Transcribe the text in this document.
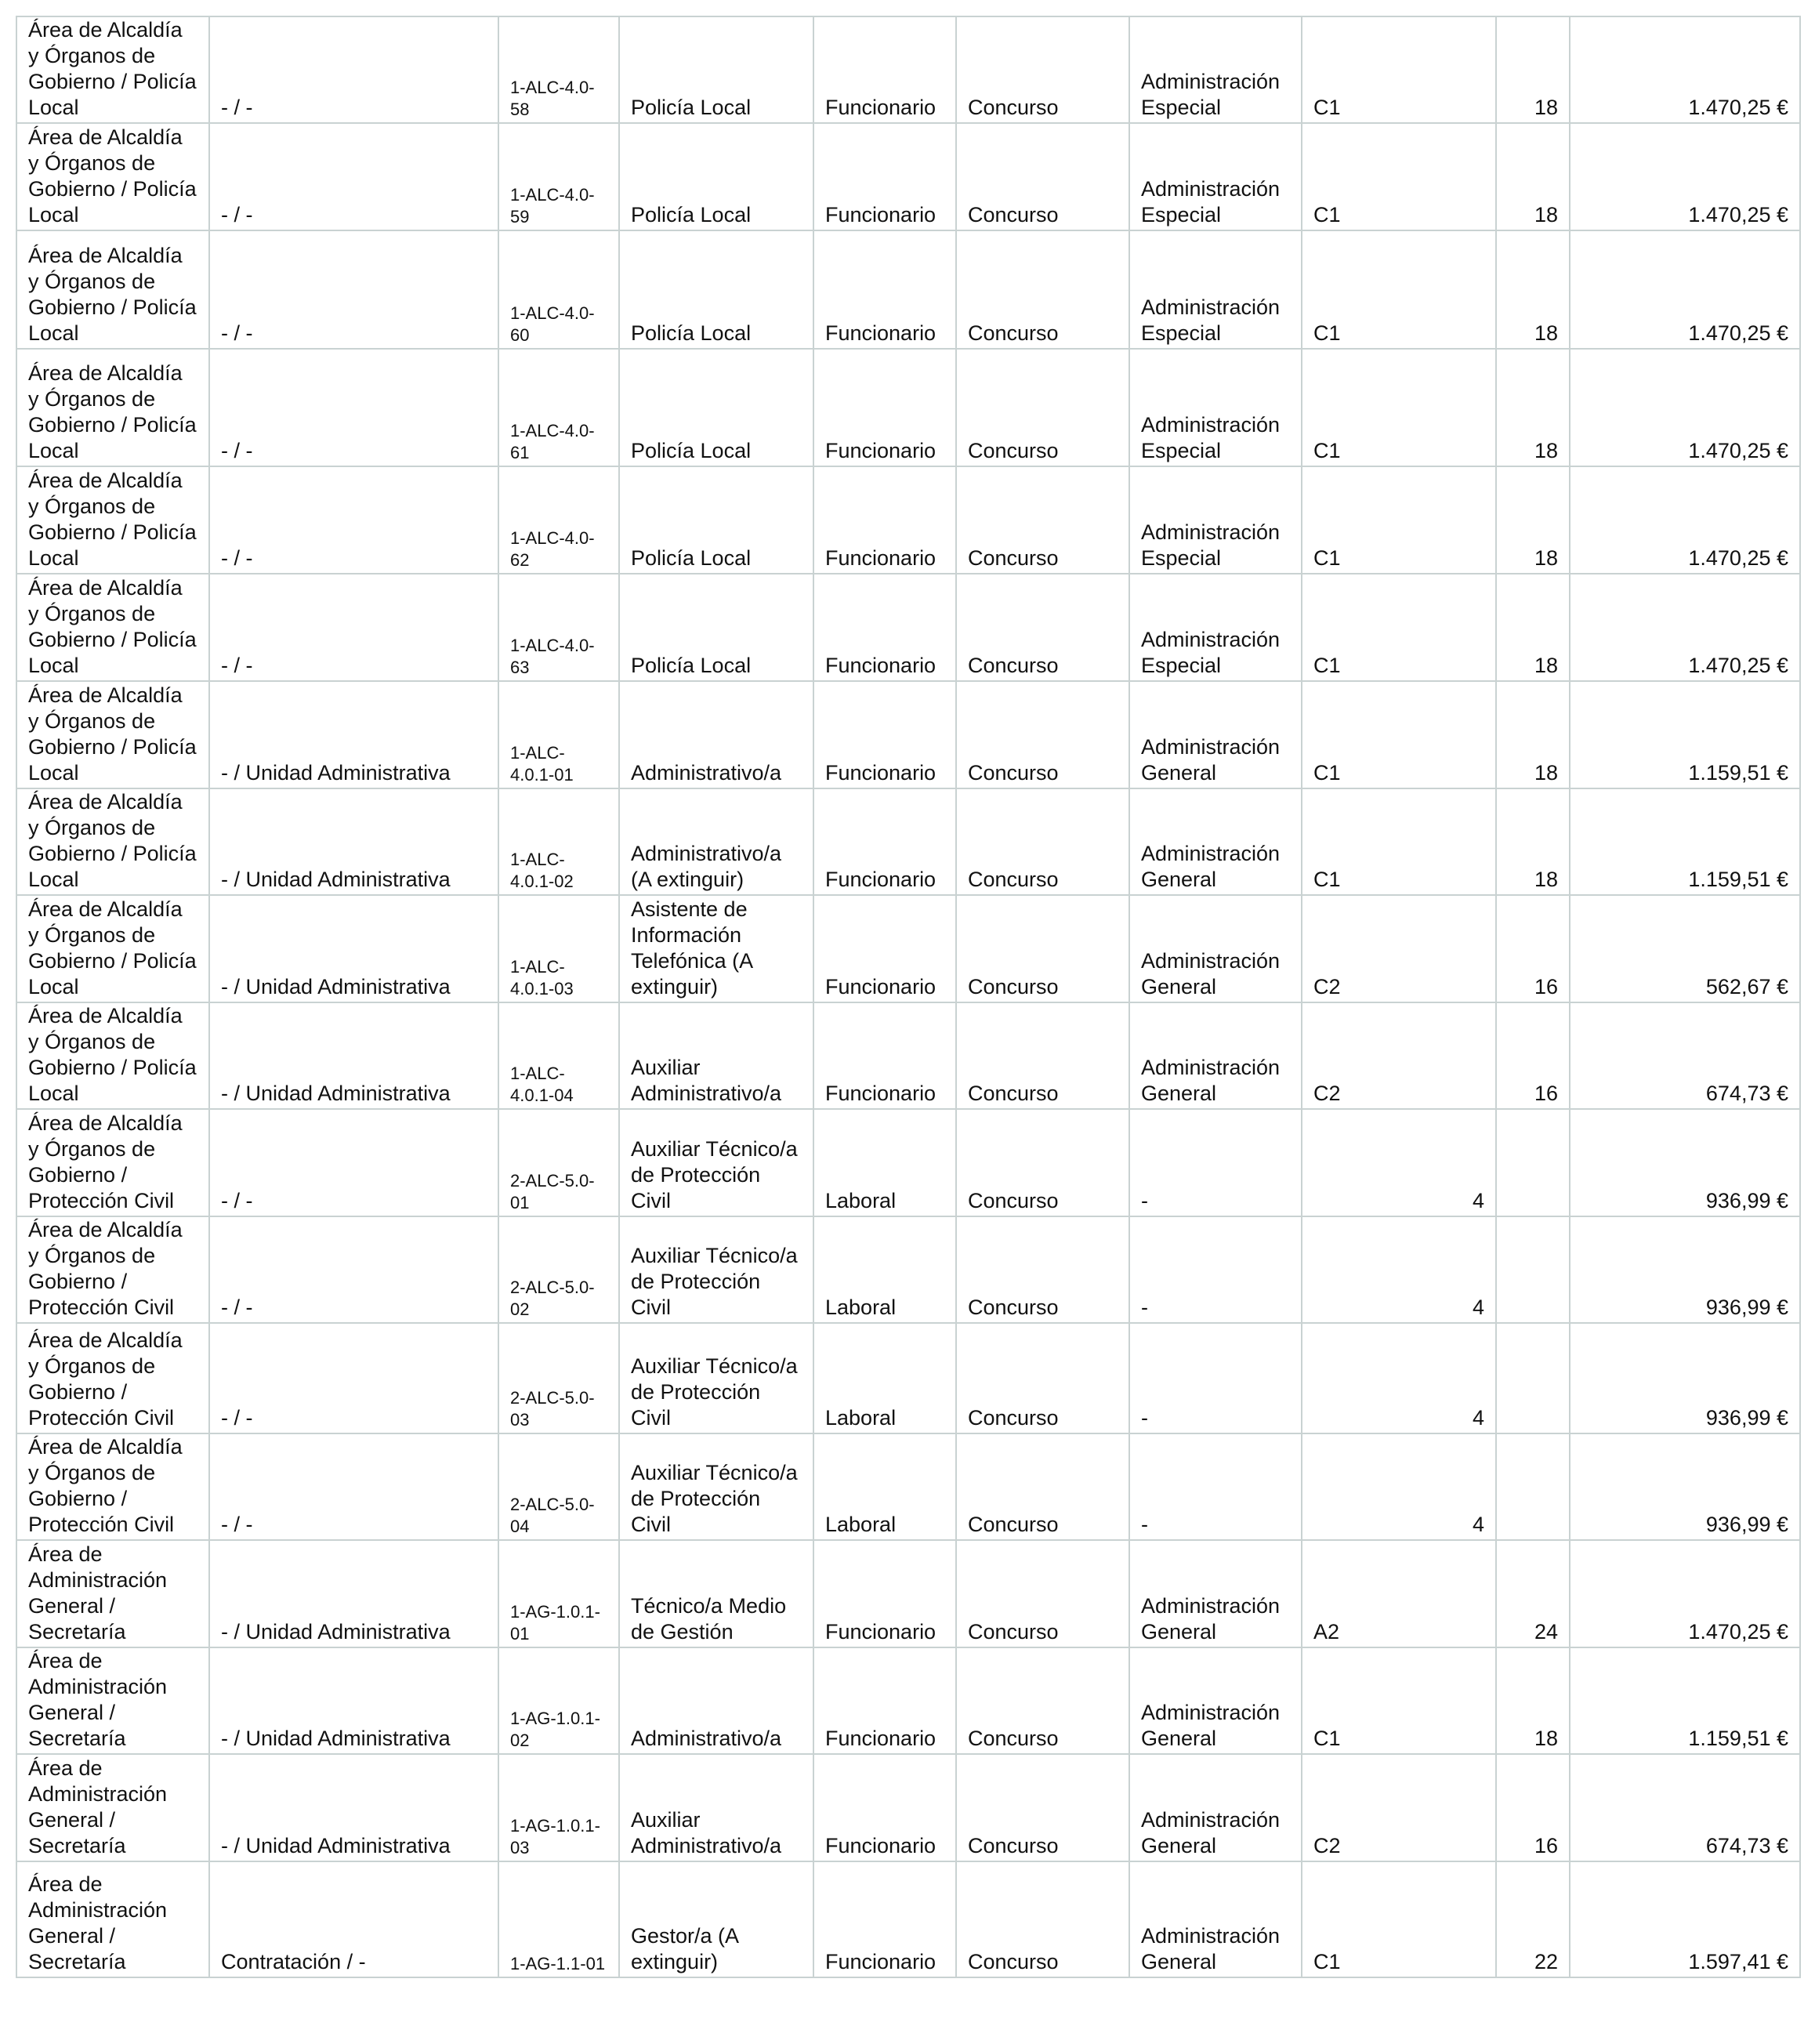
Área de Alcaldía y Órganos de Gobierno / Policía Local	- / -	1-ALC-4.0-58	Policía Local	Funcionario	Concurso	Administración Especial	C1	18	1.470,25 €
Área de Alcaldía y Órganos de Gobierno / Policía Local	- / -	1-ALC-4.0-59	Policía Local	Funcionario	Concurso	Administración Especial	C1	18	1.470,25 €
Área de Alcaldía y Órganos de Gobierno / Policía Local	- / -	1-ALC-4.0-60	Policía Local	Funcionario	Concurso	Administración Especial	C1	18	1.470,25 €
Área de Alcaldía y Órganos de Gobierno / Policía Local	- / -	1-ALC-4.0-61	Policía Local	Funcionario	Concurso	Administración Especial	C1	18	1.470,25 €
Área de Alcaldía y Órganos de Gobierno / Policía Local	- / -	1-ALC-4.0-62	Policía Local	Funcionario	Concurso	Administración Especial	C1	18	1.470,25 €
Área de Alcaldía y Órganos de Gobierno / Policía Local	- / -	1-ALC-4.0-63	Policía Local	Funcionario	Concurso	Administración Especial	C1	18	1.470,25 €
Área de Alcaldía y Órganos de Gobierno / Policía Local	- / Unidad Administrativa	1-ALC-4.0.1-01	Administrativo/a	Funcionario	Concurso	Administración General	C1	18	1.159,51 €
Área de Alcaldía y Órganos de Gobierno / Policía Local	- / Unidad Administrativa	1-ALC-4.0.1-02	Administrativo/a (A extinguir)	Funcionario	Concurso	Administración General	C1	18	1.159,51 €
Área de Alcaldía y Órganos de Gobierno / Policía Local	- / Unidad Administrativa	1-ALC-4.0.1-03	Asistente de Información Telefónica (A extinguir)	Funcionario	Concurso	Administración General	C2	16	562,67 €
Área de Alcaldía y Órganos de Gobierno / Policía Local	- / Unidad Administrativa	1-ALC-4.0.1-04	Auxiliar Administrativo/a	Funcionario	Concurso	Administración General	C2	16	674,73 €
Área de Alcaldía y Órganos de Gobierno / Protección Civil	- / -	2-ALC-5.0-01	Auxiliar Técnico/a de Protección Civil	Laboral	Concurso	-	4		936,99 €
Área de Alcaldía y Órganos de Gobierno / Protección Civil	- / -	2-ALC-5.0-02	Auxiliar Técnico/a de Protección Civil	Laboral	Concurso	-	4		936,99 €
Área de Alcaldía y Órganos de Gobierno / Protección Civil	- / -	2-ALC-5.0-03	Auxiliar Técnico/a de Protección Civil	Laboral	Concurso	-	4		936,99 €
Área de Alcaldía y Órganos de Gobierno / Protección Civil	- / -	2-ALC-5.0-04	Auxiliar Técnico/a de Protección Civil	Laboral	Concurso	-	4		936,99 €
Área de Administración General / Secretaría	- / Unidad Administrativa	1-AG-1.0.1-01	Técnico/a Medio de Gestión	Funcionario	Concurso	Administración General	A2	24	1.470,25 €
Área de Administración General / Secretaría	- / Unidad Administrativa	1-AG-1.0.1-02	Administrativo/a	Funcionario	Concurso	Administración General	C1	18	1.159,51 €
Área de Administración General / Secretaría	- / Unidad Administrativa	1-AG-1.0.1-03	Auxiliar Administrativo/a	Funcionario	Concurso	Administración General	C2	16	674,73 €
Área de Administración General / Secretaría	Contratación / -	1-AG-1.1-01	Gestor/a (A extinguir)	Funcionario	Concurso	Administración General	C1	22	1.597,41 €
